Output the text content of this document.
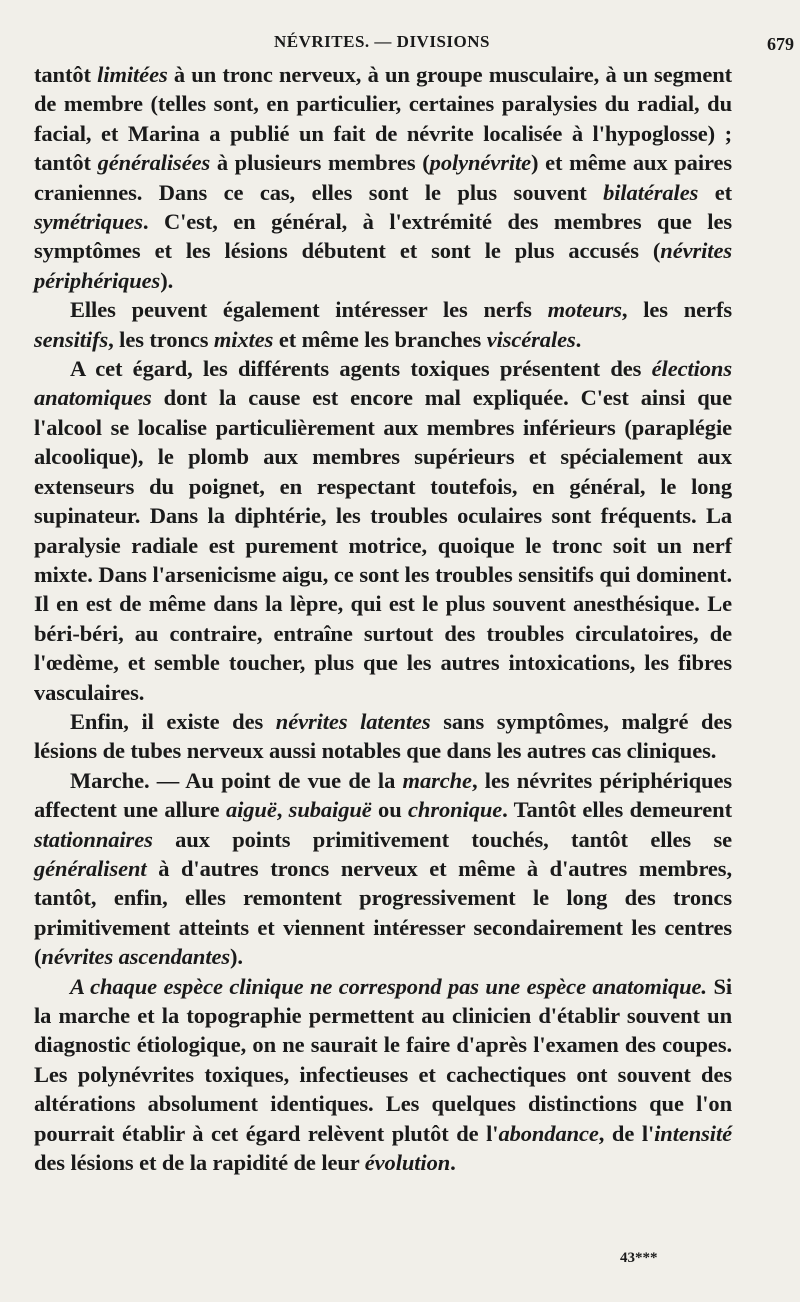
NÉVRITES. — DIVISIONS	679

tantôt limitées à un tronc nerveux, à un groupe musculaire, à un segment de membre (telles sont, en particulier, certaines paralysies du radial, du facial, et Marina a publié un fait de névrite localisée à l'hypoglosse) ; tantôt généralisées à plusieurs membres (polynévrite) et même aux paires craniennes. Dans ce cas, elles sont le plus souvent bilatérales et symétriques. C'est, en général, à l'extrémité des membres que les symptômes et les lésions débutent et sont le plus accusés (névrites périphériques).

Elles peuvent également intéresser les nerfs moteurs, les nerfs sensitifs, les troncs mixtes et même les branches viscérales.

A cet égard, les différents agents toxiques présentent des élections anatomiques dont la cause est encore mal expliquée. C'est ainsi que l'alcool se localise particulièrement aux membres inférieurs (paraplégie alcoolique), le plomb aux membres supérieurs et spécialement aux extenseurs du poignet, en respectant toutefois, en général, le long supinateur. Dans la diphtérie, les troubles oculaires sont fréquents. La paralysie radiale est purement motrice, quoique le tronc soit un nerf mixte. Dans l'arsenicisme aigu, ce sont les troubles sensitifs qui dominent. Il en est de même dans la lèpre, qui est le plus souvent anesthésique. Le béri-béri, au contraire, entraîne surtout des troubles circulatoires, de l'œdème, et semble toucher, plus que les autres intoxications, les fibres vasculaires.

Enfin, il existe des névrites latentes sans symptômes, malgré des lésions de tubes nerveux aussi notables que dans les autres cas cliniques.

Marche. — Au point de vue de la marche, les névrites périphériques affectent une allure aiguë, subaiguë ou chronique. Tantôt elles demeurent stationnaires aux points primitivement touchés, tantôt elles se généralisent à d'autres troncs nerveux et même à d'autres membres, tantôt, enfin, elles remontent progressivement le long des troncs primitivement atteints et viennent intéresser secondairement les centres (névrites ascendantes).

A chaque espèce clinique ne correspond pas une espèce anatomique. Si la marche et la topographie permettent au clinicien d'établir souvent un diagnostic étiologique, on ne saurait le faire d'après l'examen des coupes. Les polynévrites toxiques, infectieuses et cachectiques ont souvent des altérations absolument identiques. Les quelques distinctions que l'on pourrait établir à cet égard relèvent plutôt de l'abondance, de l'intensité des lésions et de la rapidité de leur évolution.

43***
